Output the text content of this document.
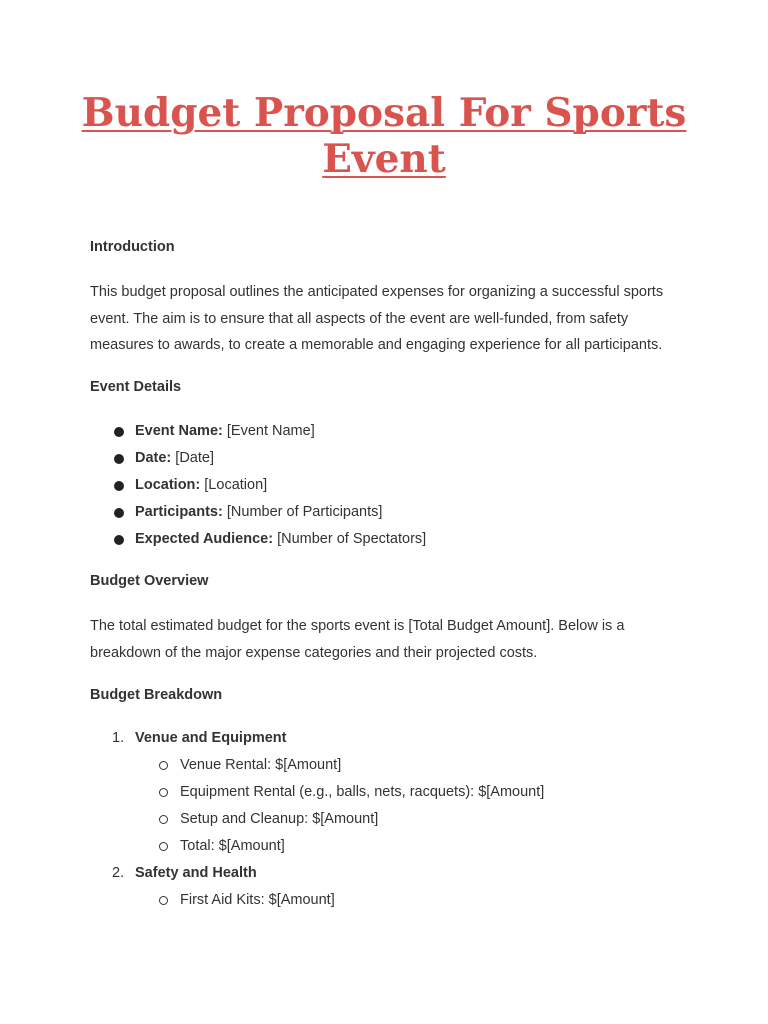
Budget Proposal For Sports Event
Introduction

This budget proposal outlines the anticipated expenses for organizing a successful sports event. The aim is to ensure that all aspects of the event are well-funded, from safety measures to awards, to create a memorable and engaging experience for all participants.

Event Details
Event Name: [Event Name]
Date: [Date]
Location: [Location]
Participants: [Number of Participants]
Expected Audience: [Number of Spectators]
Budget Overview

The total estimated budget for the sports event is [Total Budget Amount]. Below is a breakdown of the major expense categories and their projected costs.

Budget Breakdown
1. Venue and Equipment
Venue Rental: $[Amount]
Equipment Rental (e.g., balls, nets, racquets): $[Amount]
Setup and Cleanup: $[Amount]
Total: $[Amount]
2. Safety and Health
First Aid Kits: $[Amount]
